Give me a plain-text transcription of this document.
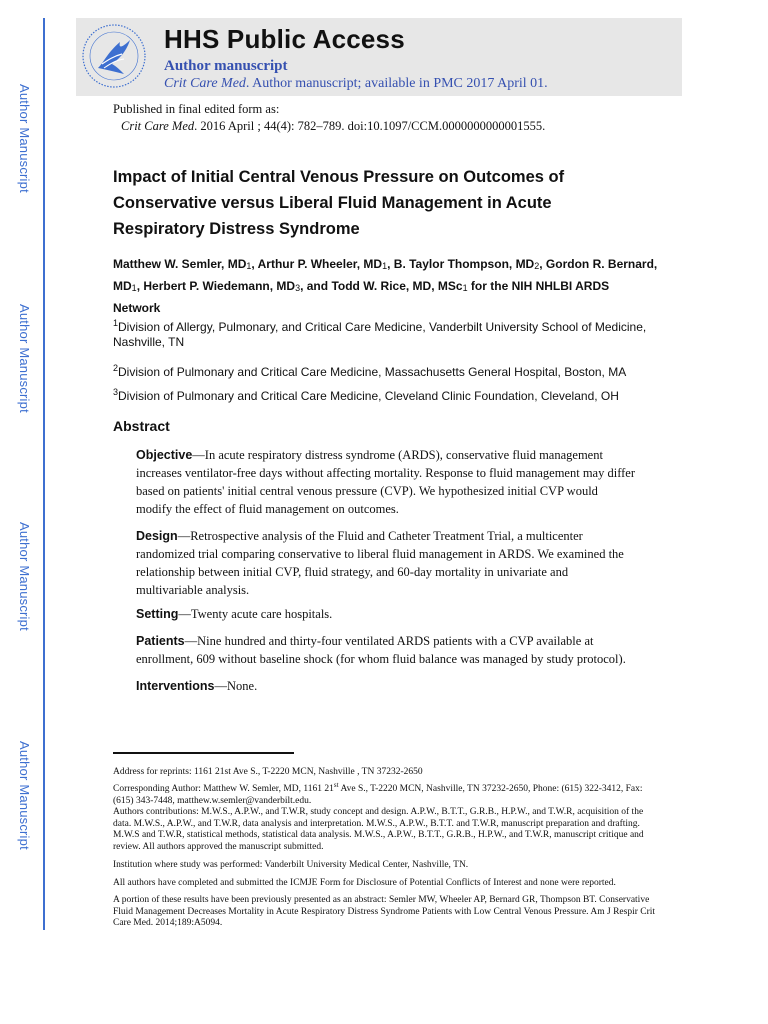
Author Manuscript
Author Manuscript
Author Manuscript
Author Manuscript
HHS Public Access
Author manuscript
Crit Care Med. Author manuscript; available in PMC 2017 April 01.
Published in final edited form as:
Crit Care Med. 2016 April ; 44(4): 782–789. doi:10.1097/CCM.0000000000001555.
Impact of Initial Central Venous Pressure on Outcomes of Conservative versus Liberal Fluid Management in Acute Respiratory Distress Syndrome
Matthew W. Semler, $MD_1$, Arthur P. Wheeler, $MD_1$, B. Taylor Thompson, $MD_2$, Gordon R. Bernard, $MD_1$, Herbert P. Wiedemann, $MD_3$, and Todd W. Rice, MD, MSc$_1$ for the NIH NHLBI ARDS Network
$^1$Division of Allergy, Pulmonary, and Critical Care Medicine, Vanderbilt University School of Medicine, Nashville, TN
$^2$Division of Pulmonary and Critical Care Medicine, Massachusetts General Hospital, Boston, MA
$^3$Division of Pulmonary and Critical Care Medicine, Cleveland Clinic Foundation, Cleveland, OH
Abstract
Objective—In acute respiratory distress syndrome (ARDS), conservative fluid management increases ventilator-free days without affecting mortality. Response to fluid management may differ based on patients' initial central venous pressure (CVP). We hypothesized initial CVP would modify the effect of fluid management on outcomes.
Design—Retrospective analysis of the Fluid and Catheter Treatment Trial, a multicenter randomized trial comparing conservative to liberal fluid management in ARDS. We examined the relationship between initial CVP, fluid strategy, and 60-day mortality in univariate and multivariable analysis.
Setting—Twenty acute care hospitals.
Patients—Nine hundred and thirty-four ventilated ARDS patients with a CVP available at enrollment, 609 without baseline shock (for whom fluid balance was managed by study protocol).
Interventions—None.
Address for reprints: 1161 21st Ave S., T-2220 MCN, Nashville , TN 37232-2650
Corresponding Author: Matthew W. Semler, MD, 1161 21st Ave S., T-2220 MCN, Nashville, TN 37232-2650, Phone: (615) 322-3412, Fax: (615) 343-7448, matthew.w.semler@vanderbilt.edu.
Authors contributions: M.W.S., A.P.W., and T.W.R, study concept and design. A.P.W., B.T.T., G.R.B., H.P.W., and T.W.R, acquisition of the data. M.W.S., A.P.W., and T.W.R, data analysis and interpretation. M.W.S., A.P.W., B.T.T. and T.W.R, manuscript preparation and drafting. M.W.S and T.W.R, statistical methods, statistical data analysis. M.W.S., A.P.W., B.T.T., G.R.B., H.P.W., and T.W.R, manuscript critique and review. All authors approved the manuscript submitted.
Institution where study was performed: Vanderbilt University Medical Center, Nashville, TN.
All authors have completed and submitted the ICMJE Form for Disclosure of Potential Conflicts of Interest and none were reported.
A portion of these results have been previously presented as an abstract: Semler MW, Wheeler AP, Bernard GR, Thompson BT. Conservative Fluid Management Decreases Mortality in Acute Respiratory Distress Syndrome Patients with Low Central Venous Pressure. Am J Respir Crit Care Med. 2014;189:A5094.
